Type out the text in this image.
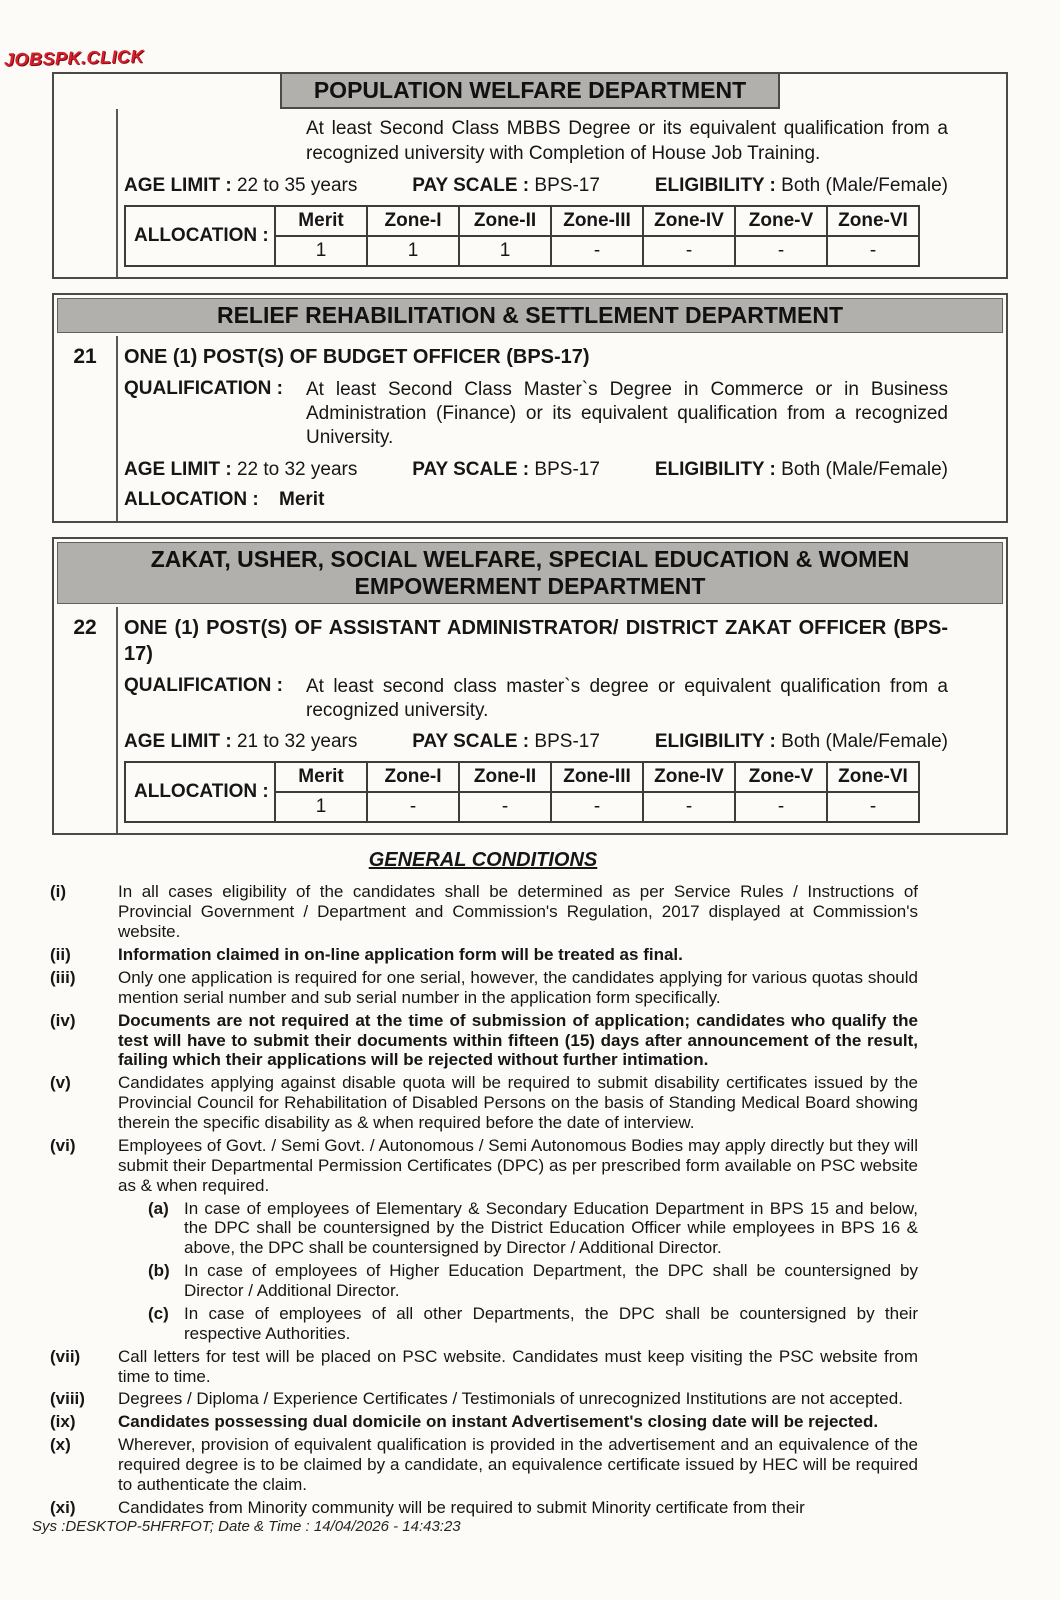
JOBSPK.CLICK
POPULATION WELFARE DEPARTMENT
At least Second Class MBBS Degree or its equivalent qualification from a recognized university with Completion of House Job Training.
AGE LIMIT : 22 to 35 years	PAY SCALE : BPS-17	ELIGIBILITY : Both (Male/Female)
ALLOCATION :	Merit	Zone-I	Zone-II	Zone-III	Zone-IV	Zone-V	Zone-VI
	1	1	1	-	-	-	-
RELIEF REHABILITATION & SETTLEMENT DEPARTMENT
21	ONE (1) POST(S) OF BUDGET OFFICER (BPS-17)
QUALIFICATION :	At least Second Class Master`s Degree in Commerce or in Business Administration (Finance) or its equivalent qualification from a recognized University.
AGE LIMIT : 22 to 32 years	PAY SCALE : BPS-17	ELIGIBILITY : Both (Male/Female)
ALLOCATION :	Merit
ZAKAT, USHER, SOCIAL WELFARE, SPECIAL EDUCATION & WOMEN EMPOWERMENT DEPARTMENT
22	ONE (1) POST(S) OF ASSISTANT ADMINISTRATOR/ DISTRICT ZAKAT OFFICER (BPS-17)
QUALIFICATION :	At least second class master`s degree or equivalent qualification from a recognized university.
AGE LIMIT : 21 to 32 years	PAY SCALE : BPS-17	ELIGIBILITY : Both (Male/Female)
ALLOCATION :	Merit	Zone-I	Zone-II	Zone-III	Zone-IV	Zone-V	Zone-VI
	1	-	-	-	-	-	-
GENERAL CONDITIONS
(i)	In all cases eligibility of the candidates shall be determined as per Service Rules / Instructions of Provincial Government / Department and Commission's Regulation, 2017 displayed at Commission's website.
(ii)	Information claimed in on-line application form will be treated as final.
(iii)	Only one application is required for one serial, however, the candidates applying for various quotas should mention serial number and sub serial number in the application form specifically.
(iv)	Documents are not required at the time of submission of application; candidates who qualify the test will have to submit their documents within fifteen (15) days after announcement of the result, failing which their applications will be rejected without further intimation.
(v)	Candidates applying against disable quota will be required to submit disability certificates issued by the Provincial Council for Rehabilitation of Disabled Persons on the basis of Standing Medical Board showing therein the specific disability as & when required before the date of interview.
(vi)	Employees of Govt. / Semi Govt. / Autonomous / Semi Autonomous Bodies may apply directly but they will submit their Departmental Permission Certificates (DPC) as per prescribed form available on PSC website as & when required.
(a) In case of employees of Elementary & Secondary Education Department in BPS 15 and below, the DPC shall be countersigned by the District Education Officer while employees in BPS 16 & above, the DPC shall be countersigned by Director / Additional Director.
(b) In case of employees of Higher Education Department, the DPC shall be countersigned by Director / Additional Director.
(c) In case of employees of all other Departments, the DPC shall be countersigned by their respective Authorities.
(vii)	Call letters for test will be placed on PSC website. Candidates must keep visiting the PSC website from time to time.
(viii)	Degrees / Diploma / Experience Certificates / Testimonials of unrecognized Institutions are not accepted.
(ix)	Candidates possessing dual domicile on instant Advertisement's closing date will be rejected.
(x)	Wherever, provision of equivalent qualification is provided in the advertisement and an equivalence of the required degree is to be claimed by a candidate, an equivalence certificate issued by HEC will be required to authenticate the claim.
(xi)	Candidates from Minority community will be required to submit Minority certificate from their
Sys :DESKTOP-5HFRFOT; Date & Time : 14/04/2026 - 14:43:23
